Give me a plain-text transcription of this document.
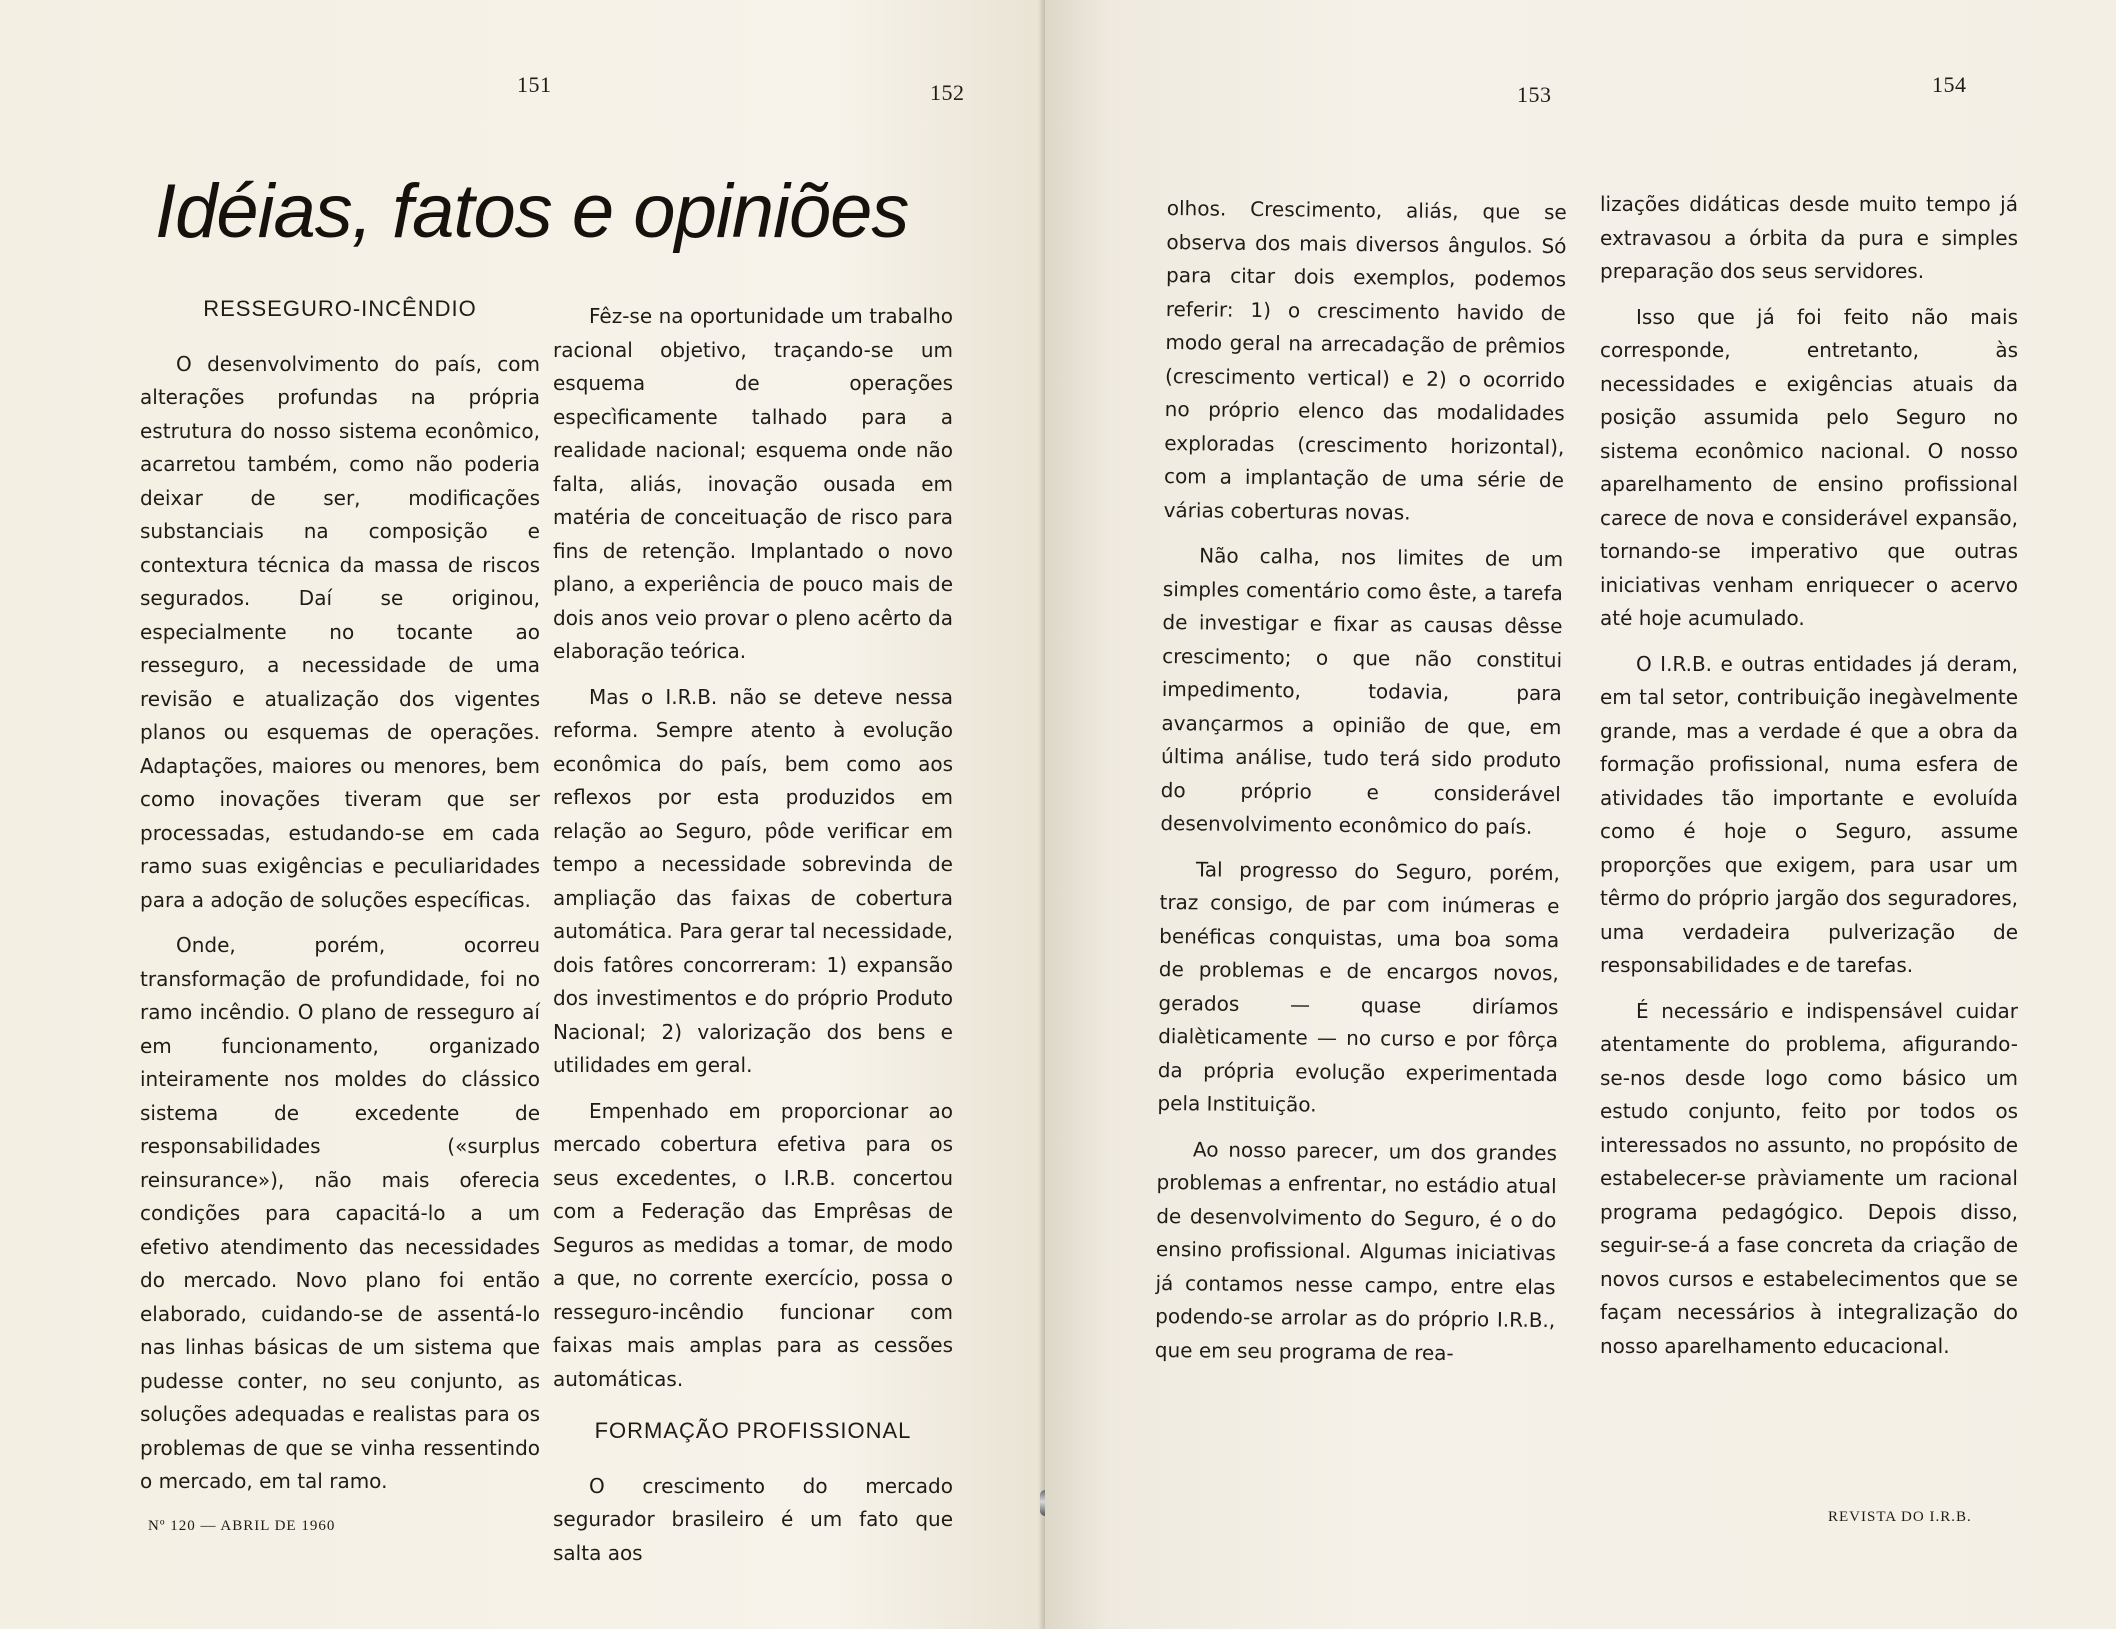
151	152
Idéias, fatos e opiniões
RESSEGURO-INCÊNDIO

O desenvolvimento do país, com alterações profundas na própria estrutura do nosso sistema econômico, acarretou também, como não poderia deixar de ser, modificações substanciais na composição e contextura técnica da massa de riscos segurados. Daí se originou, especialmente no tocante ao resseguro, a necessidade de uma revisão e atualização dos vigentes planos ou esquemas de operações. Adaptações, maiores ou menores, bem como inovações tiveram que ser processadas, estudando-se em cada ramo suas exigências e peculiaridades para a adoção de soluções específicas.

Onde, porém, ocorreu transformação de profundidade, foi no ramo incêndio. O plano de resseguro aí em funcionamento, organizado inteiramente nos moldes do clássico sistema de excedente de responsabilidades («surplus reinsurance»), não mais oferecia condições para capacitá-lo a um efetivo atendimento das necessidades do mercado. Novo plano foi então elaborado, cuidando-se de assentá-lo nas linhas básicas de um sistema que pudesse conter, no seu conjunto, as soluções adequadas e realistas para os problemas de que se vinha ressentindo o mercado, em tal ramo.

Fêz-se na oportunidade um trabalho racional objetivo, traçando-se um esquema de operações especìficamente talhado para a realidade nacional; esquema onde não falta, aliás, inovação ousada em matéria de conceituação de risco para fins de retenção. Implantado o novo plano, a experiência de pouco mais de dois anos veio provar o pleno acêrto da elaboração teórica.

Mas o I.R.B. não se deteve nessa reforma. Sempre atento à evolução econômica do país, bem como aos reflexos por esta produzidos em relação ao Seguro, pôde verificar em tempo a necessidade sobrevinda de ampliação das faixas de cobertura automática. Para gerar tal necessidade, dois fatôres concorreram: 1) expansão dos investimentos e do próprio Produto Nacional; 2) valorização dos bens e utilidades em geral.

Empenhado em proporcionar ao mercado cobertura efetiva para os seus excedentes, o I.R.B. concertou com a Federação das Emprêsas de Seguros as medidas a tomar, de modo a que, no corrente exercício, possa o resseguro-incêndio funcionar com faixas mais amplas para as cessões automáticas.

FORMAÇÃO PROFISSIONAL

O crescimento do mercado segurador brasileiro é um fato que salta aos

Nº 120 — ABRIL DE 1960
153	154

olhos. Crescimento, aliás, que se observa dos mais diversos ângulos. Só para citar dois exemplos, podemos referir: 1) o crescimento havido de modo geral na arrecadação de prêmios (crescimento vertical) e 2) o ocorrido no próprio elenco das modalidades exploradas (crescimento horizontal), com a implantação de uma série de várias coberturas novas.

Não calha, nos limites de um simples comentário como êste, a tarefa de investigar e fixar as causas dêsse crescimento; o que não constitui impedimento, todavia, para avançarmos a opinião de que, em última análise, tudo terá sido produto do próprio e considerável desenvolvimento econômico do país.

Tal progresso do Seguro, porém, traz consigo, de par com inúmeras e benéficas conquistas, uma boa soma de problemas e de encargos novos, gerados — quase diríamos dialèticamente — no curso e por fôrça da própria evolução experimentada pela Instituição.

Ao nosso parecer, um dos grandes problemas a enfrentar, no estádio atual de desenvolvimento do Seguro, é o do ensino profissional. Algumas iniciativas já contamos nesse campo, entre elas podendo-se arrolar as do próprio I.R.B., que em seu programa de rea-

lizações didáticas desde muito tempo já extravasou a órbita da pura e simples preparação dos seus servidores.

Isso que já foi feito não mais corresponde, entretanto, às necessidades e exigências atuais da posição assumida pelo Seguro no sistema econômico nacional. O nosso aparelhamento de ensino profissional carece de nova e considerável expansão, tornando-se imperativo que outras iniciativas venham enriquecer o acervo até hoje acumulado.

O I.R.B. e outras entidades já deram, em tal setor, contribuição inegàvelmente grande, mas a verdade é que a obra da formação profissional, numa esfera de atividades tão importante e evoluída como é hoje o Seguro, assume proporções que exigem, para usar um têrmo do próprio jargão dos seguradores, uma verdadeira pulverização de responsabilidades e de tarefas.

É necessário e indispensável cuidar atentamente do problema, afigurando-se-nos desde logo como básico um estudo conjunto, feito por todos os interessados no assunto, no propósito de estabelecer-se pràviamente um racional programa pedagógico. Depois disso, seguir-se-á a fase concreta da criação de novos cursos e estabelecimentos que se façam necessários à integralização do nosso aparelhamento educacional.

REVISTA DO I.R.B.
